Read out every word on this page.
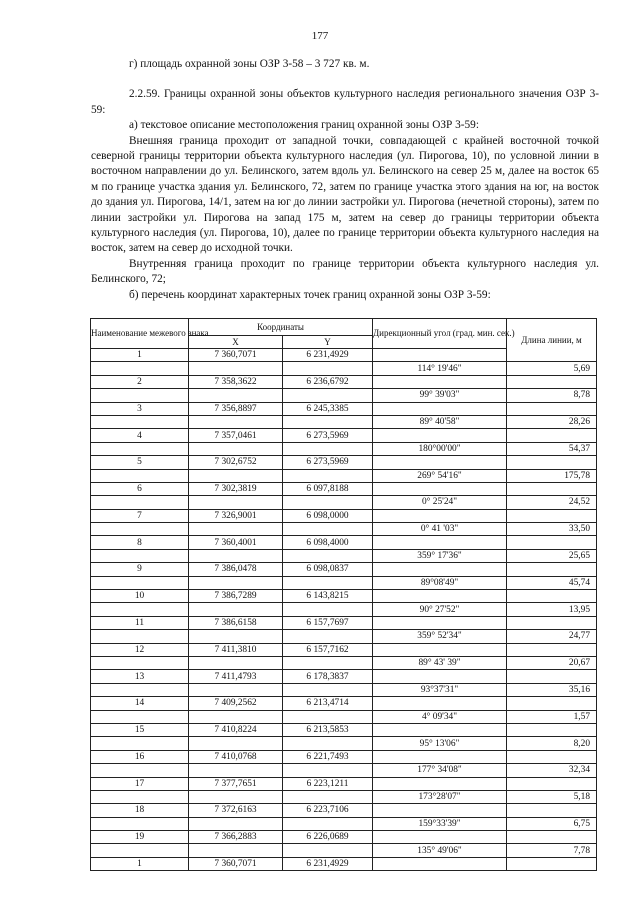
177

г) площадь охранной зоны ОЗР 3-58 – 3 727 кв. м.

2.2.59. Границы охранной зоны объектов культурного наследия регионального значения ОЗР 3-59:

а) текстовое описание местоположения границ охранной зоны ОЗР 3-59:

Внешняя граница проходит от западной точки, совпадающей с крайней восточной точкой северной границы территории объекта культурного наследия (ул. Пирогова, 10), по условной линии в восточном направлении до ул. Белинского, затем вдоль ул. Белинского на север 25 м, далее на восток 65 м по границе участка здания ул. Белинского, 72, затем по границе участка этого здания на юг, на восток до здания ул. Пирогова, 14/1, затем на юг до линии застройки ул. Пирогова (нечетной стороны), затем по линии застройки ул. Пирогова на запад 175 м, затем на север до границы территории объекта культурного наследия (ул. Пирогова, 10), далее по границе территории объекта культурного наследия на восток, затем на север до исходной точки.

Внутренняя граница проходит по границе территории объекта культурного наследия ул. Белинского, 72;

б) перечень координат характерных точек границ охранной зоны ОЗР 3-59:

Наименование межевого знака	Координаты		Дирекционный угол (град. мин. сек.)	Длина линии, м
	X	Y		
1	7 360,7071	6 231,4929		
			114° 19'46"	5,69
2	7 358,3622	6 236,6792		
			99° 39'03"	8,78
3	7 356,8897	6 245,3385		
			89° 40'58"	28,26
4	7 357,0461	6 273,5969		
			180°00'00"	54,37
5	7 302,6752	6 273,5969		
			269° 54'16"	175,78
6	7 302,3819	6 097,8188		
			0° 25'24"	24,52
7	7 326,9001	6 098,0000		
			0° 41 '03"	33,50
8	7 360,4001	6 098,4000		
			359° 17'36"	25,65
9	7 386,0478	6 098,0837		
			89°08'49"	45,74
10	7 386,7289	6 143,8215		
			90° 27'52"	13,95
11	7 386,6158	6 157,7697		
			359° 52'34"	24,77
12	7 411,3810	6 157,7162		
			89° 43' 39"	20,67
13	7 411,4793	6 178,3837		
			93°37'31"	35,16
14	7 409,2562	6 213,4714		
			4° 09'34"	1,57
15	7 410,8224	6 213,5853		
			95° 13'06"	8,20
16	7 410,0768	6 221,7493		
			177° 34'08"	32,34
17	7 377,7651	6 223,1211		
			173°28'07"	5,18
18	7 372,6163	6 223,7106		
			159°33'39"	6,75
19	7 366,2883	6 226,0689		
			135° 49'06"	7,78
1	7 360,7071	6 231,4929		
